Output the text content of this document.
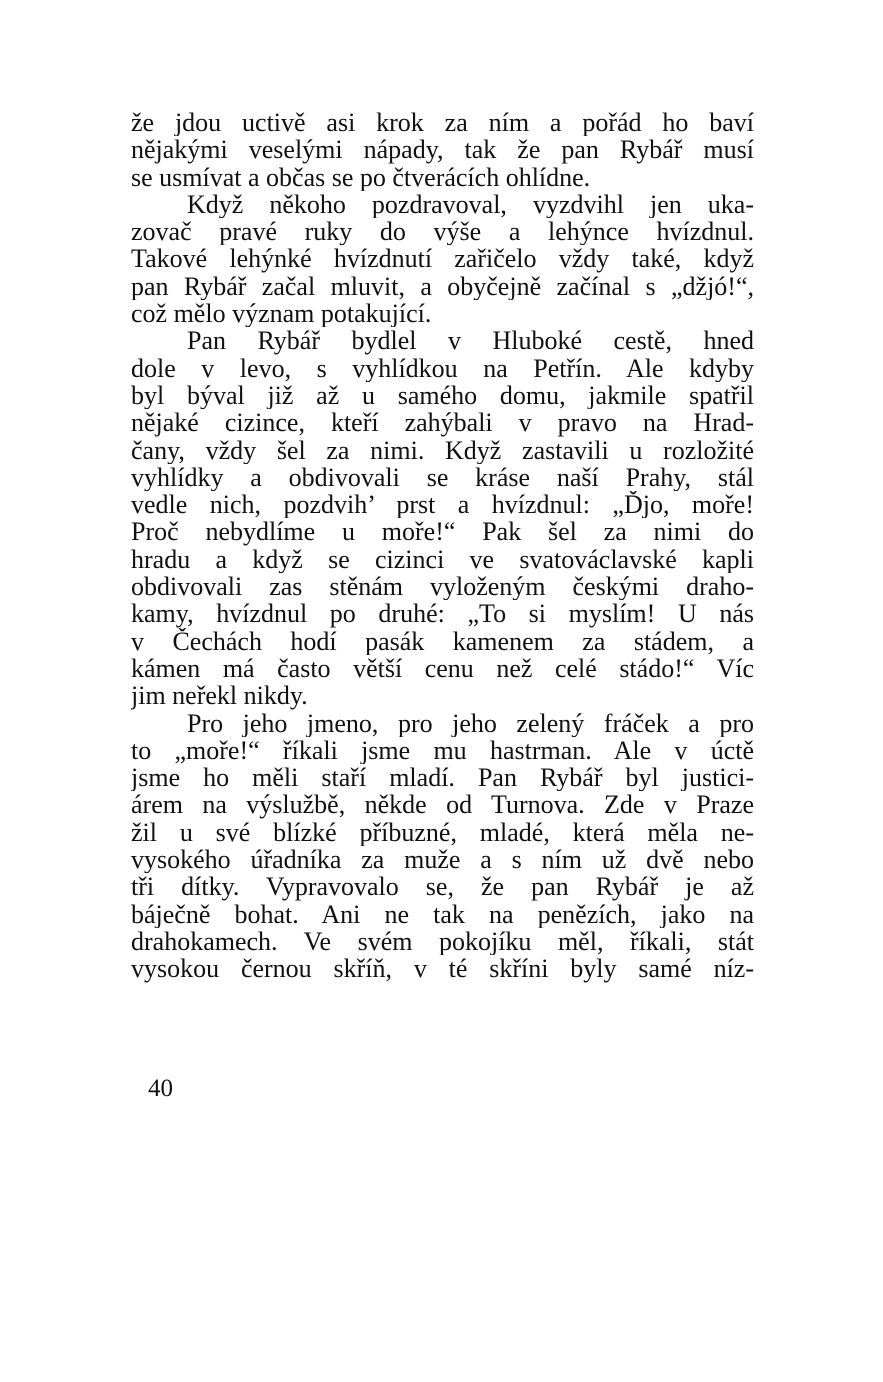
že jdou uctivě asi krok za ním a pořád ho baví
nějakými veselými nápady, tak že pan Rybář musí
se usmívat a občas se po čtverácích ohlídne.
Když někoho pozdravoval, vyzdvihl jen uka-
zovač pravé ruky do výše a lehýnce hvízdnul.
Takové lehýnké hvízdnutí zařičelo vždy také, když
pan Rybář začal mluvit, a obyčejně začínal s „džjó!“,
což mělo význam potakující.
Pan Rybář bydlel v Hluboké cestě, hned
dole v levo, s vyhlídkou na Petřín. Ale kdyby
byl býval již až u samého domu, jakmile spatřil
nějaké cizince, kteří zahýbali v pravo na Hrad-
čany, vždy šel za nimi. Když zastavili u rozložité
vyhlídky a obdivovali se kráse naší Prahy, stál
vedle nich, pozdvih’ prst a hvízdnul: „Ďjo, moře!
Proč nebydlíme u moře!“ Pak šel za nimi do
hradu a když se cizinci ve svatováclavské kapli
obdivovali zas stěnám vyloženým českými draho-
kamy, hvízdnul po druhé: „To si myslím! U nás
v Čechách hodí pasák kamenem za stádem, a
kámen má často větší cenu než celé stádo!“ Víc
jim neřekl nikdy.
Pro jeho jmeno, pro jeho zelený fráček a pro
to „moře!“ říkali jsme mu hastrman. Ale v úctě
jsme ho měli staří mladí. Pan Rybář byl justici-
árem na výslužbě, někde od Turnova. Zde v Praze
žil u své blízké příbuzné, mladé, která měla ne-
vysokého úřadníka za muže a s ním už dvě nebo
tři dítky. Vypravovalo se, že pan Rybář je až
báječně bohat. Ani ne tak na penězích, jako na
drahokamech. Ve svém pokojíku měl, říkali, stát
vysokou černou skříň, v té skříni byly samé níz-
40
